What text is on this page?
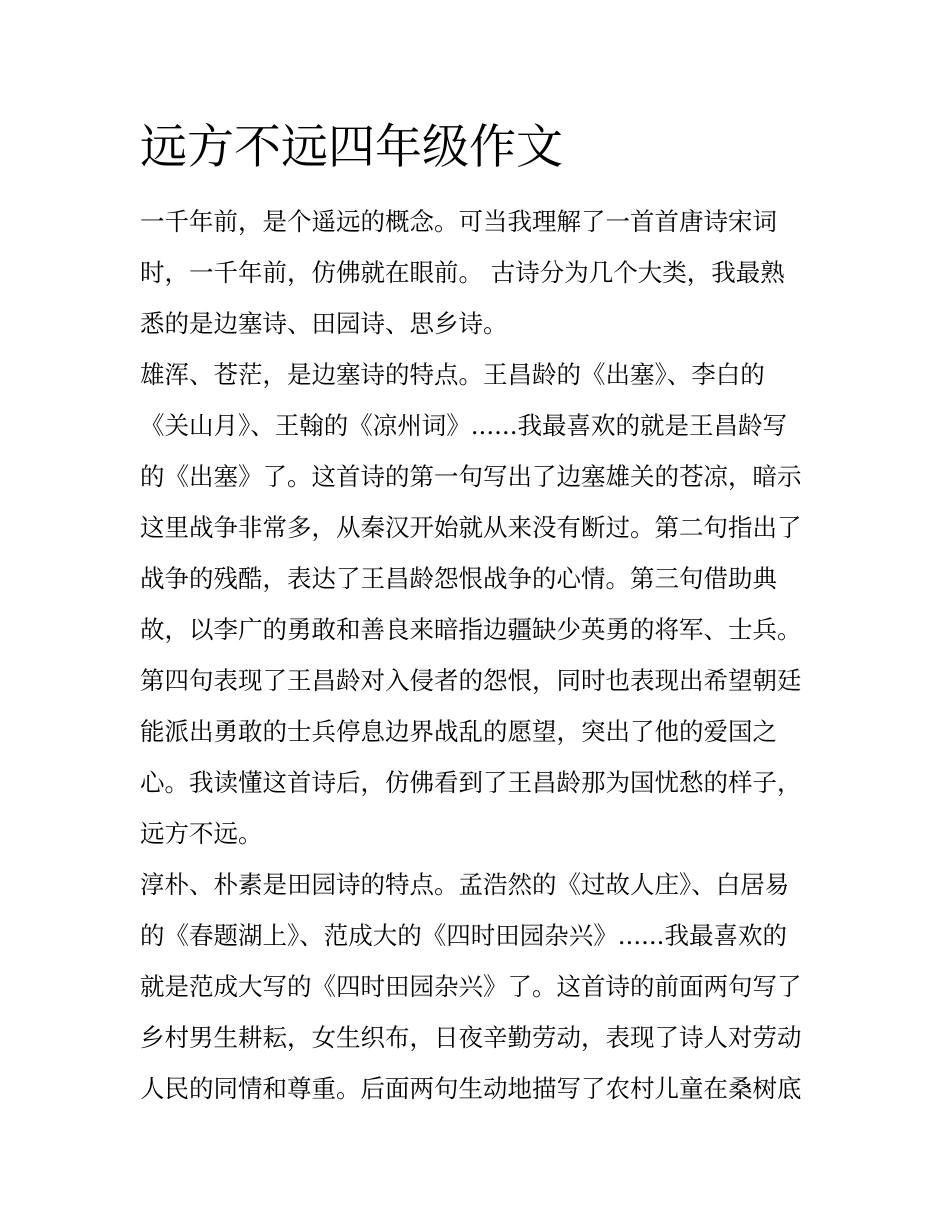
远方不远四年级作文
一千年前，是个遥远的概念。可当我理解了一首首唐诗宋词
时，一千年前，仿佛就在眼前。 古诗分为几个大类，我最熟
悉的是边塞诗、田园诗、思乡诗。
雄浑、苍茫，是边塞诗的特点。王昌龄的《出塞》、李白的
《关山月》、王翰的《凉州词》......我最喜欢的就是王昌龄写
的《出塞》了。这首诗的第一句写出了边塞雄关的苍凉，暗示
这里战争非常多，从秦汉开始就从来没有断过。第二句指出了
战争的残酷，表达了王昌龄怨恨战争的心情。第三句借助典
故，以李广的勇敢和善良来暗指边疆缺少英勇的将军、士兵。
第四句表现了王昌龄对入侵者的怨恨，同时也表现出希望朝廷
能派出勇敢的士兵停息边界战乱的愿望，突出了他的爱国之
心。我读懂这首诗后，仿佛看到了王昌龄那为国忧愁的样子，
远方不远。
淳朴、朴素是田园诗的特点。孟浩然的《过故人庄》、白居易
的《春题湖上》、范成大的《四时田园杂兴》......我最喜欢的
就是范成大写的《四时田园杂兴》了。这首诗的前面两句写了
乡村男生耕耘，女生织布，日夜辛勤劳动，表现了诗人对劳动
人民的同情和尊重。后面两句生动地描写了农村儿童在桑树底
